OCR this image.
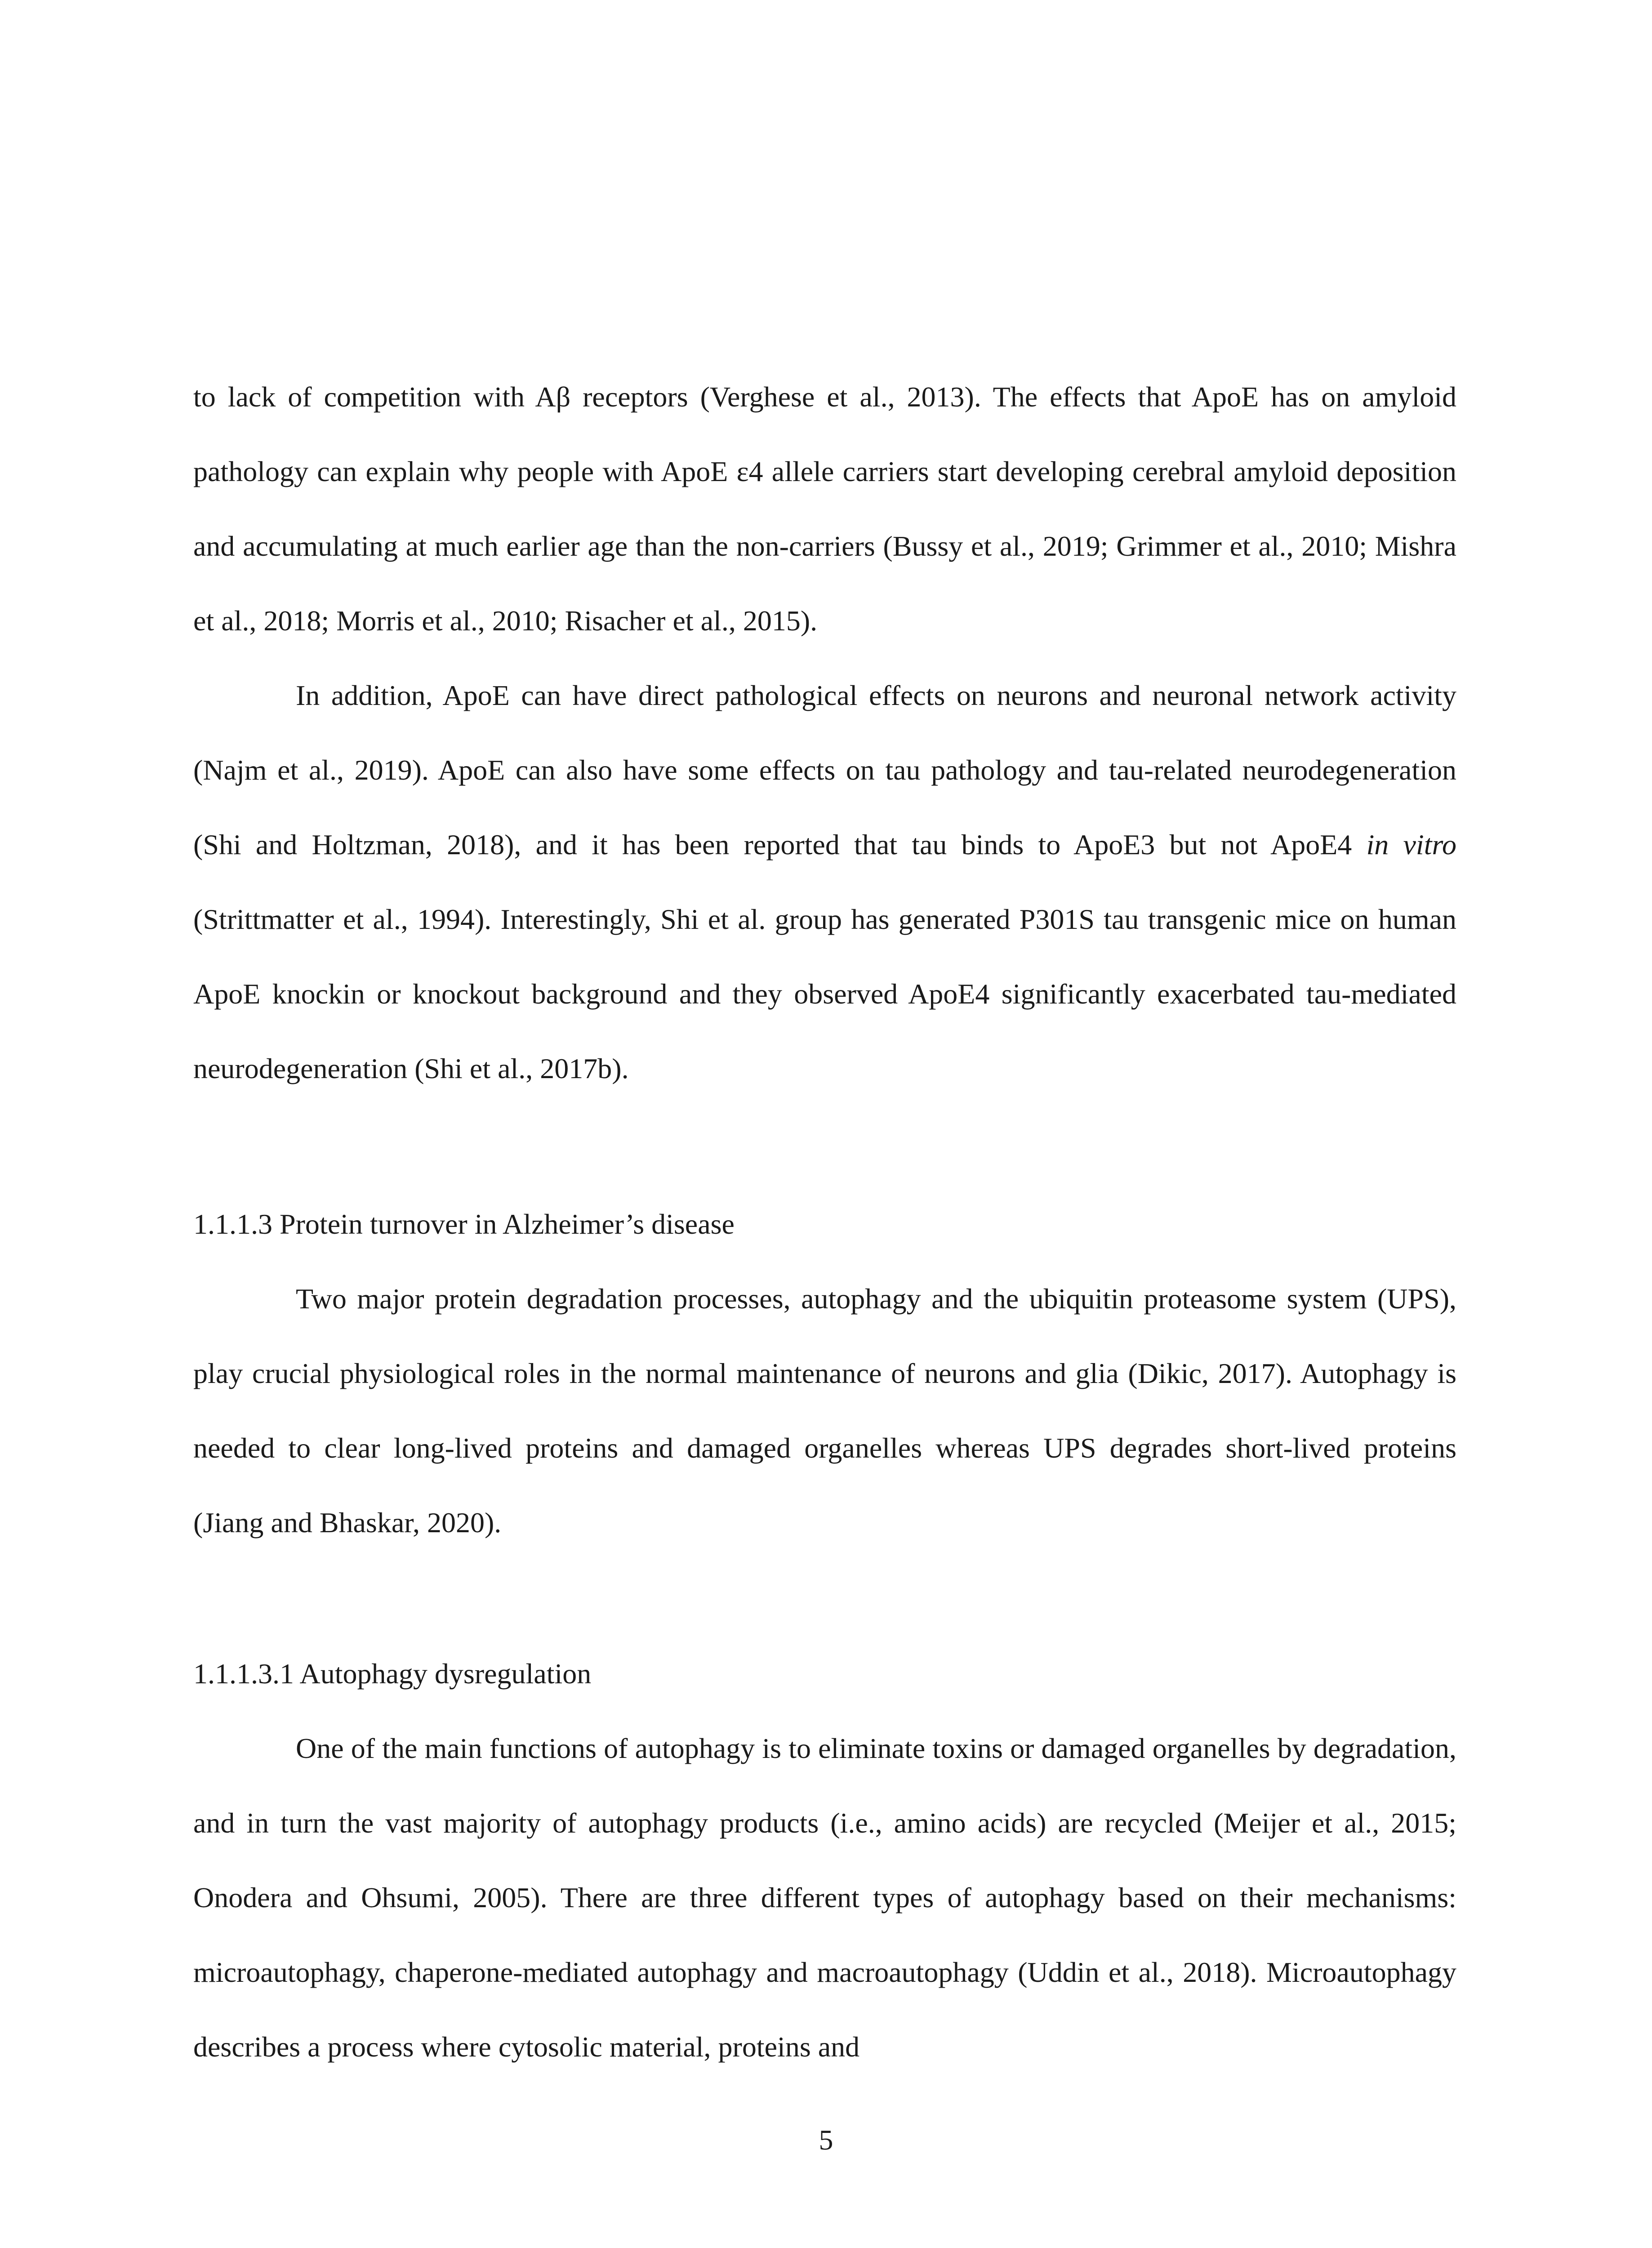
to lack of competition with Aβ receptors (Verghese et al., 2013). The effects that ApoE has on amyloid pathology can explain why people with ApoE ε4 allele carriers start developing cerebral amyloid deposition and accumulating at much earlier age than the non-carriers (Bussy et al., 2019; Grimmer et al., 2010; Mishra et al., 2018; Morris et al., 2010; Risacher et al., 2015).

In addition, ApoE can have direct pathological effects on neurons and neuronal network activity (Najm et al., 2019). ApoE can also have some effects on tau pathology and tau-related neurodegeneration (Shi and Holtzman, 2018), and it has been reported that tau binds to ApoE3 but not ApoE4 in vitro (Strittmatter et al., 1994). Interestingly, Shi et al. group has generated P301S tau transgenic mice on human ApoE knockin or knockout background and they observed ApoE4 significantly exacerbated tau-mediated neurodegeneration (Shi et al., 2017b).

1.1.1.3 Protein turnover in Alzheimer’s disease

Two major protein degradation processes, autophagy and the ubiquitin proteasome system (UPS), play crucial physiological roles in the normal maintenance of neurons and glia (Dikic, 2017). Autophagy is needed to clear long-lived proteins and damaged organelles whereas UPS degrades short-lived proteins (Jiang and Bhaskar, 2020).

1.1.1.3.1 Autophagy dysregulation

One of the main functions of autophagy is to eliminate toxins or damaged organelles by degradation, and in turn the vast majority of autophagy products (i.e., amino acids) are recycled (Meijer et al., 2015; Onodera and Ohsumi, 2005). There are three different types of autophagy based on their mechanisms: microautophagy, chaperone-mediated autophagy and macroautophagy (Uddin et al., 2018). Microautophagy describes a process where cytosolic material, proteins and

5
